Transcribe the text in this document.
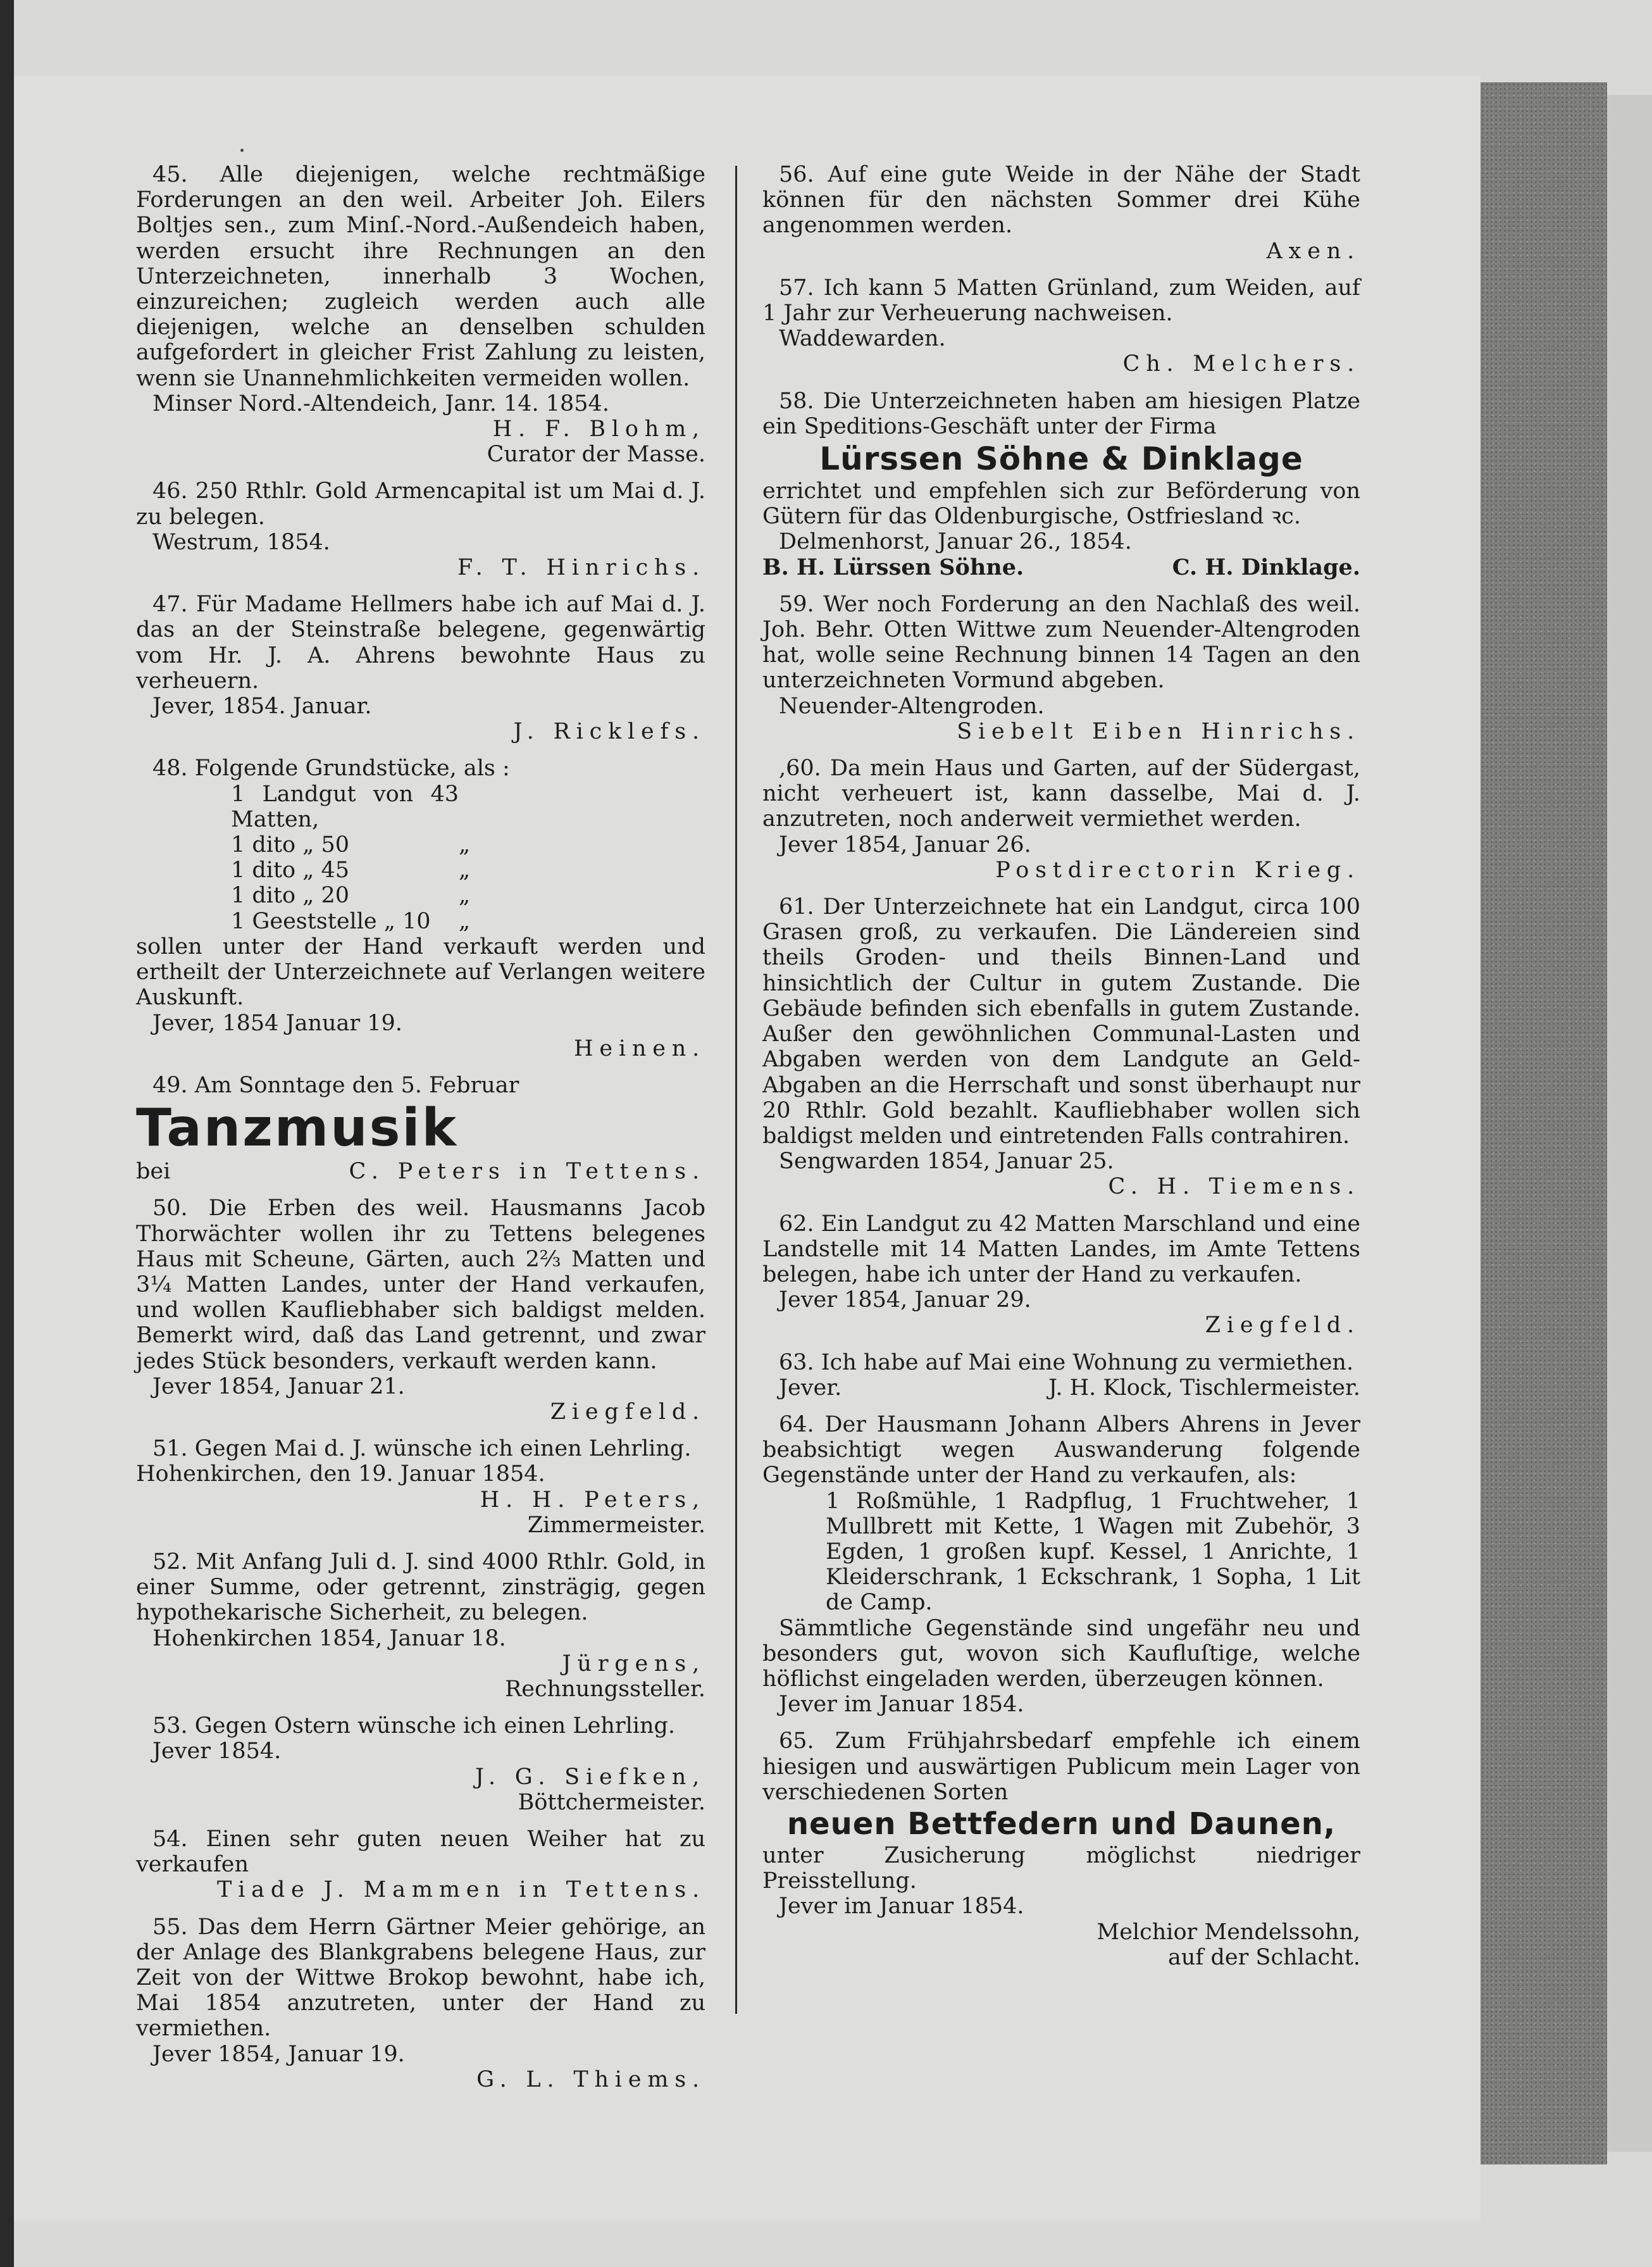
45. Alle diejenigen, welche rechtmäßige Forderungen an den weil. Arbeiter Joh. Eilers Boltjes sen., zum Minſ.-Nord.-Außendeich haben, werden ersucht ihre Rechnungen an den Unterzeichneten, innerhalb 3 Wochen, einzureichen; zugleich werden auch alle diejenigen, welche an denselben schulden aufgefordert in gleicher Frist Zahlung zu leisten, wenn sie Unannehmlichkeiten vermeiden wollen.

Minser Nord.-Altendeich, Janr. 14. 1854.
H. F. Blohm,
Curator der Masse.

46. 250 Rthlr. Gold Armencapital ist um Mai d. J. zu belegen.

Westrum, 1854.
F. T. Hinrichs.

47. Für Madame Hellmers habe ich auf Mai d. J. das an der Steinstraße belegene, gegenwärtig vom Hr. J. A. Ahrens bewohnte Haus zu verheuern.

Jever, 1854. Januar.
J. Ricklefs.

48. Folgende Grundstücke, als :

1 Landgut von 43 Matten,
1 dito „ 50	„
1 dito „ 45	„
1 dito „ 20	„
1 Geeststelle „ 10	„
sollen unter der Hand verkauft werden und ertheilt der Unterzeichnete auf Verlangen weitere Auskunft.
Jever, 1854 Januar 19.
Heinen.

49. Am Sonntage den 5. Februar

Tanzmusik
bei	C. Peters in Tettens.

50. Die Erben des weil. Hausmanns Jacob Thorwächter wollen ihr zu Tettens belegenes Haus mit Scheune, Gärten, auch 2⅔ Matten und 3¼ Matten Landes, unter der Hand verkaufen, und wollen Kaufliebhaber sich baldigst melden. Bemerkt wird, daß das Land getrennt, und zwar jedes Stück besonders, verkauft werden kann.

Jever 1854, Januar 21.
Ziegfeld.

51. Gegen Mai d. J. wünsche ich einen Lehrling.

Hohenkirchen, den 19. Januar 1854.
H. H. Peters,
Zimmermeister.

52. Mit Anfang Juli d. J. sind 4000 Rthlr. Gold, in einer Summe, oder getrennt, zinsträgig, gegen hypothekarische Sicherheit, zu belegen.

Hohenkirchen 1854, Januar 18.
Jürgens,
Rechnungssteller.

53. Gegen Ostern wünsche ich einen Lehrling.

Jever 1854.
J. G. Siefken,
Böttchermeister.

54. Einen sehr guten neuen Weiher hat zu verkaufen

Tiade J. Mammen in Tettens.

55. Das dem Herrn Gärtner Meier gehörige, an der Anlage des Blankgrabens belegene Haus, zur Zeit von der Wittwe Brokop bewohnt, habe ich, Mai 1854 anzutreten, unter der Hand zu vermiethen.

Jever 1854, Januar 19.
G. L. Thiems.

56. Auf eine gute Weide in der Nähe der Stadt können für den nächsten Sommer drei Kühe angenommen werden.

Axen.

57. Ich kann 5 Matten Grünland, zum Weiden, auf 1 Jahr zur Verheuerung nachweisen.

Waddewarden.
Ch. Melchers.

58. Die Unterzeichneten haben am hiesigen Platze ein Speditions-Geschäft unter der Firma

Lürssen Söhne & Dinklage
errichtet und empfehlen sich zur Beförderung von Gütern für das Oldenburgische, Ostfriesland ꝛc.
Delmenhorst, Januar 26., 1854.
B. H. Lürssen Söhne.	C. H. Dinklage.

59. Wer noch Forderung an den Nachlaß des weil. Joh. Behr. Otten Wittwe zum Neuender-Altengroden hat, wolle seine Rechnung binnen 14 Tagen an den unterzeichneten Vormund abgeben.

Neuender-Altengroden.
Siebelt Eiben Hinrichs.

,60. Da mein Haus und Garten, auf der Südergast, nicht verheuert ist, kann dasselbe, Mai d. J. anzutreten, noch anderweit vermiethet werden.

Jever 1854, Januar 26.
Postdirectorin Krieg.

61. Der Unterzeichnete hat ein Landgut, circa 100 Grasen groß, zu verkaufen. Die Ländereien sind theils Groden- und theils Binnen-Land und hinsichtlich der Cultur in gutem Zustande. Die Gebäude befinden sich ebenfalls in gutem Zustande. Außer den gewöhnlichen Communal-Lasten und Abgaben werden von dem Landgute an Geld-Abgaben an die Herrschaft und sonst überhaupt nur 20 Rthlr. Gold bezahlt. Kaufliebhaber wollen sich baldigst melden und eintretenden Falls contrahiren.

Sengwarden 1854, Januar 25.
C. H. Tiemens.

62. Ein Landgut zu 42 Matten Marschland und eine Landstelle mit 14 Matten Landes, im Amte Tettens belegen, habe ich unter der Hand zu verkaufen.

Jever 1854, Januar 29.
Ziegfeld.

63. Ich habe auf Mai eine Wohnung zu vermiethen.

Jever.	J. H. Klock, Tischlermeister.

64. Der Hausmann Johann Albers Ahrens in Jever beabsichtigt wegen Auswanderung folgende Gegenstände unter der Hand zu verkaufen, als:

1 Roßmühle, 1 Radpflug, 1 Fruchtweher, 1 Mullbrett mit Kette, 1 Wagen mit Zubehör, 3 Egden, 1 großen kupf. Kessel, 1 Anrichte, 1 Kleiderschrank, 1 Eckschrank, 1 Sopha, 1 Lit de Camp.

Sämmtliche Gegenstände sind ungefähr neu und besonders gut, wovon sich Kaufluſtige, welche höflichst eingeladen werden, überzeugen können.

Jever im Januar 1854.

65. Zum Frühjahrsbedarf empfehle ich einem hiesigen und auswärtigen Publicum mein Lager von verschiedenen Sorten

neuen Bettfedern und Daunen,
unter Zusicherung möglichst niedriger Preisstellung.
Jever im Januar 1854.
Melchior Mendelssohn,
auf der Schlacht.
